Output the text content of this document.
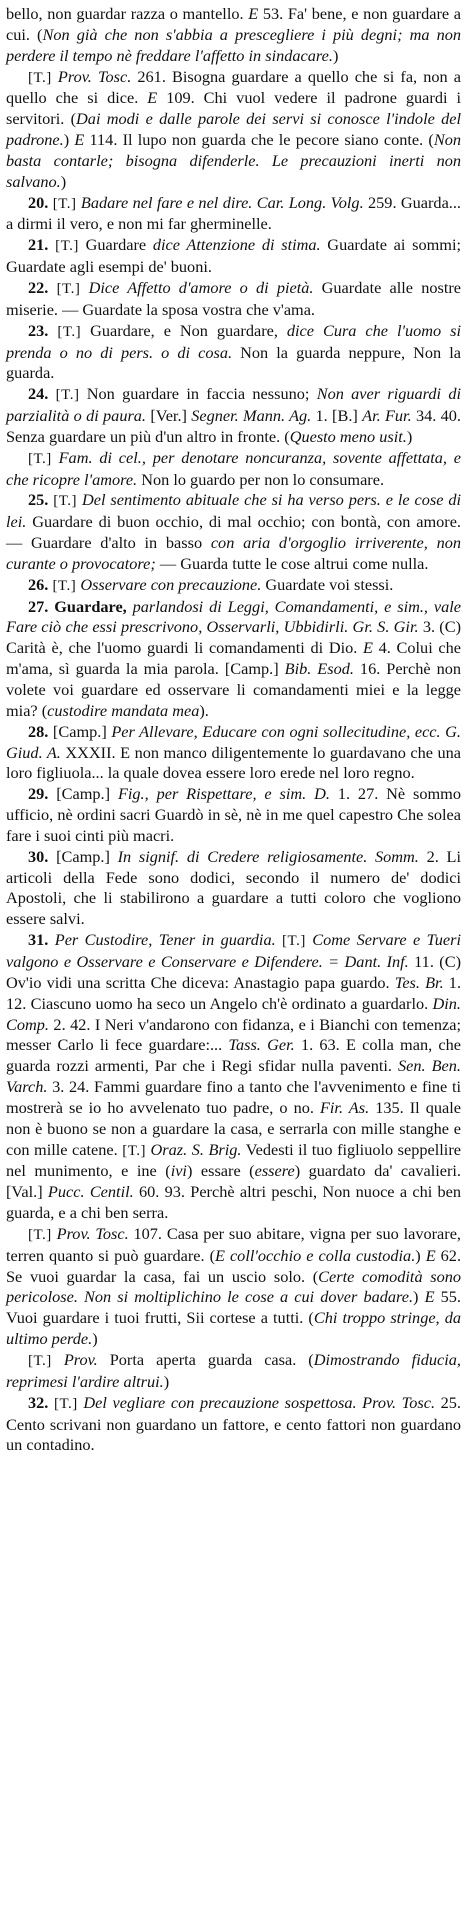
bello, non guardar razza o mantello. E 53. Fa' bene, e non guardare a cui. (Non già che non s'abbia a prescegliere i più degni; ma non perdere il tempo nè freddare l'affetto in sindacare.)

[T.] Prov. Tosc. 261. Bisogna guardare a quello che si fa, non a quello che si dice. E 109. Chi vuol vedere il padrone guardi i servitori. (Dai modi e dalle parole dei servi si conosce l'indole del padrone.) E 114. Il lupo non guarda che le pecore siano conte. (Non basta contarle; bisogna difenderle. Le precauzioni inerti non salvano.)

20. [T.] Badare nel fare e nel dire. Car. Long. Volg. 259. Guarda... a dirmi il vero, e non mi far gherminelle.

21. [T.] Guardare dice Attenzione di stima. Guardate ai sommi; Guardate agli esempi de' buoni.

22. [T.] Dice Affetto d'amore o di pietà. Guardate alle nostre miserie. — Guardate la sposa vostra che v'ama.

23. [T.] Guardare, e Non guardare, dice Cura che l'uomo si prenda o no di pers. o di cosa. Non la guarda neppure, Non la guarda.

24. [T.] Non guardare in faccia nessuno; Non aver riguardi di parzialità o di paura. [Ver.] Segner. Mann. Ag. 1. [B.] Ar. Fur. 34. 40. Senza guardare un più d'un altro in fronte. (Questo meno usit.)

[T.] Fam. di cel., per denotare noncuranza, sovente affettata, e che ricopre l'amore. Non lo guardo per non lo consumare.

25. [T.] Del sentimento abituale che si ha verso pers. e le cose di lei. Guardare di buon occhio, di mal occhio; con bontà, con amore. — Guardare d'alto in basso con aria d'orgoglio irriverente, non curante o provocatore; — Guarda tutte le cose altrui come nulla.

26. [T.] Osservare con precauzione. Guardate voi stessi.

27. Guardare, parlandosi di Leggi, Comandamenti, e sim., vale Fare ciò che essi prescrivono, Osservarli, Ubbidirli. Gr. S. Gir. 3. (C) Carità è, che l'uomo guardi li comandamenti di Dio. E 4. Colui che m'ama, sì guarda la mia parola. [Camp.] Bib. Esod. 16. Perchè non volete voi guardare ed osservare li comandamenti miei e la legge mia? (custodire mandata mea).

28. [Camp.] Per Allevare, Educare con ogni sollecitudine, ecc. G. Giud. A. XXXII. E non manco diligentemente lo guardavano che una loro figliuola... la quale dovea essere loro erede nel loro regno.

29. [Camp.] Fig., per Rispettare, e sim. D. 1. 27. Nè sommo ufficio, nè ordini sacri Guardò in sè, nè in me quel capestro Che solea fare i suoi cinti più macri.

30. [Camp.] In signif. di Credere religiosamente. Somm. 2. Li articoli della Fede sono dodici, secondo il numero de' dodici Apostoli, che li stabilirono a guardare a tutti coloro che vogliono essere salvi.

31. Per Custodire, Tener in guardia. [T.] Come Servare e Tueri valgono e Osservare e Conservare e Difendere. = Dant. Inf. 11. (C) Ov'io vidi una scritta Che diceva: Anastagio papa guardo. Tes. Br. 1. 12. Ciascuno uomo ha seco un Angelo ch'è ordinato a guardarlo. Din. Comp. 2. 42. I Neri v'andarono con fidanza, e i Bianchi con temenza; messer Carlo li fece guardare:... Tass. Ger. 1. 63. E colla man, che guarda rozzi armenti, Par che i Regi sfidar nulla paventi. Sen. Ben. Varch. 3. 24. Fammi guardare fino a tanto che l'avvenimento e fine ti mostrerà se io ho avvelenato tuo padre, o no. Fir. As. 135. Il quale non è buono se non a guardare la casa, e serrarla con mille stanghe e con mille catene. [T.] Oraz. S. Brig. Vedesti il tuo figliuolo seppellire nel munimento, e ine (ivi) essare (essere) guardato da' cavalieri. [Val.] Pucc. Centil. 60. 93. Perchè altri peschi, Non nuoce a chi ben guarda, e a chi ben serra.

[T.] Prov. Tosc. 107. Casa per suo abitare, vigna per suo lavorare, terren quanto si può guardare. (E coll'occhio e colla custodia.) E 62. Se vuoi guardar la casa, fai un uscio solo. (Certe comodità sono pericolose. Non si moltiplichino le cose a cui dover badare.) E 55. Vuoi guardare i tuoi frutti, Sii cortese a tutti. (Chi troppo stringe, da ultimo perde.)

[T.] Prov. Porta aperta guarda casa. (Dimostrando fiducia, reprimesi l'ardire altrui.)

32. [T.] Del vegliare con precauzione sospettosa. Prov. Tosc. 25. Cento scrivani non guardano un fattore, e cento fattori non guardano un contadino.
